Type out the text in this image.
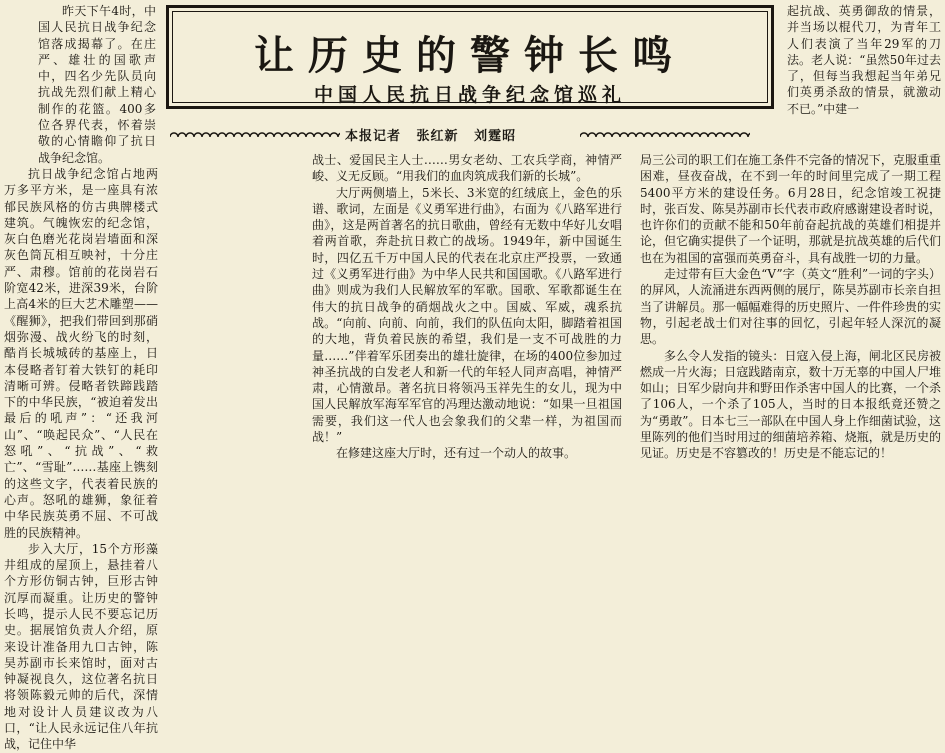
昨天下午4时，中国人民抗日战争纪念馆落成揭幕了。在庄严、雄壮的国歌声中，四名少先队员向抗战先烈们献上精心制作的花篮。400多位各界代表，怀着崇敬的心情瞻仰了抗日战争纪念馆。

抗日战争纪念馆占地两万多平方米，是一座具有浓郁民族风格的仿古典牌楼式建筑。气魄恢宏的纪念馆，灰白色磨光花岗岩墙面和深灰色筒瓦相互映衬，十分庄严、肃穆。馆前的花岗岩石阶宽42米，进深39米，台阶上高4米的巨大艺术雕塑——《醒狮》，把我们带回到那硝烟弥漫、战火纷飞的时刻，酷肖长城城砖的基座上，日本侵略者钉着大铁钉的耗印清晰可辨。侵略者铁蹄践踏下的中华民族，“被迫着发出最后的吼声”：“还我河山”、“唤起民众”、“人民在怒吼”、“抗战”、“救亡”、“雪耻”……基座上镌刻的这些文字，代表着民族的心声。怒吼的雄狮，象征着中华民族英勇不屈、不可战胜的民族精神。

步入大厅，15个方形藻井组成的屋顶上，悬挂着八个方形仿铜古钟，巨形古钟沉厚而凝重。让历史的警钟长鸣，提示人民不要忘记历史。据展馆负责人介绍，原来设计准备用九口古钟，陈昊苏副市长来馆时，面对古钟凝视良久，这位著名抗日将领陈毅元帅的后代，深情地对设计人员建议改为八口，“让人民永远记住八年抗战，记住中华

让历史的警钟长鸣
中国人民抗日战争纪念馆巡礼
本报记者 张红新 刘霆昭

战士、爱国民主人士……男女老幼、工农兵学商，神情严峻、义无反顾。“用我们的血肉筑成我们新的长城”。

大厅两侧墙上，5米长、3米宽的红绒底上，金色的乐谱、歌词，左面是《义勇军进行曲》，右面为《八路军进行曲》，这是两首著名的抗日歌曲，曾经有无数中华好儿女唱着两首歌，奔赴抗日救亡的战场。1949年，新中国诞生时，四亿五千万中国人民的代表在北京庄严投票，一致通过《义勇军进行曲》为中华人民共和国国歌。《八路军进行曲》则成为我们人民解放军的军歌。国歌、军歌都诞生在伟大的抗日战争的硝烟战火之中。国威、军威，魂系抗战。“向前、向前、向前，我们的队伍向太阳，脚踏着祖国的大地，背负着民族的希望，我们是一支不可战胜的力量……”伴着军乐团奏出的雄壮旋律，在场的400位参加过神圣抗战的白发老人和新一代的年轻人同声高唱，神情严肃，心情激昂。著名抗日将领冯玉祥先生的女儿，现为中国人民解放军海军军官的冯理达激动地说：“如果一旦祖国需要，我们这一代人也会象我们的父辈一样，为祖国而战！”

在修建这座大厅时，还有过一个动人的故事。

局三公司的职工们在施工条件不完备的情况下，克服重重困难，昼夜奋战，在不到一年的时间里完成了一期工程5400平方米的建设任务。6月28日，纪念馆竣工祝捷时，张百发、陈昊苏副市长代表市政府感谢建设者时说，也许你们的贡献不能和50年前奋起抗战的英雄们相提并论，但它确实提供了一个证明，那就是抗战英雄的后代们也在为祖国的富强而英勇奋斗，具有战胜一切的力量。

走过带有巨大金色“V”字（英文“胜利”一词的字头）的屏风，人流涌进东西两侧的展厅，陈昊苏副市长亲自担当了讲解员。那一幅幅难得的历史照片、一件件珍贵的实物，引起老战士们对往事的回忆，引起年轻人深沉的凝思。

多么令人发指的镜头：日寇入侵上海，闸北区民房被燃成一片火海；日寇践踏南京，数十万无辜的中国人尸堆如山；日军少尉向井和野田作杀害中国人的比赛，一个杀了106人，一个杀了105人，当时的日本报纸竟还赞之为“勇敢”。日本七三一部队在中国人身上作细菌试验，这里陈列的他们当时用过的细菌培养箱、烧瓶，就是历史的见证。历史是不容篡改的！历史是不能忘记的！

起抗战、英勇御敌的情景，并当场以棍代刀，为青年工人们表演了当年29军的刀法。老人说：“虽然50年过去了，但每当我想起当年弟兄们英勇杀敌的情景，就激动不已。”中建一
